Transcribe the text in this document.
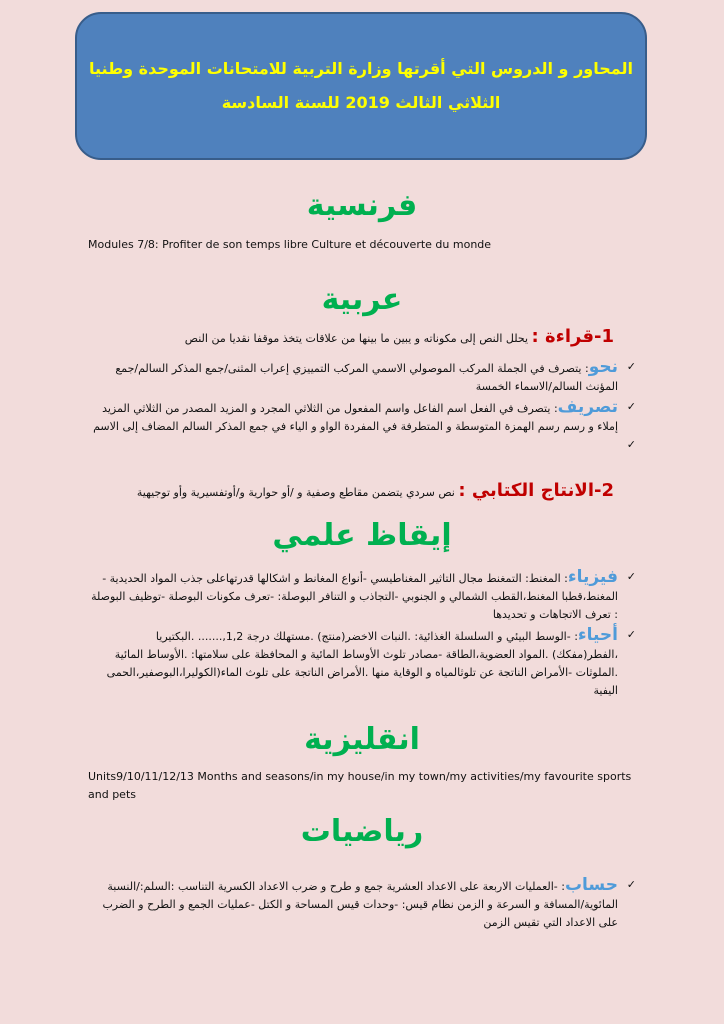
المحاور و الدروس التي أقرتها وزارة التربية للامتحانات الموحدة وطنيا
الثلاثي الثالث 2019 للسنة السادسة
فرنسية
Modules 7/8: Profiter de son temps libre Culture et découverte du monde
عربية
1-قراءة : يحلل النص إلى مكوناته و يبين ما بينها من علاقات يتخذ موقفا نقديا من النص
✓
نحو: يتصرف في الجملة المركب الموصولي الاسمي المركب التمييزي إعراب المثنى/جمع المذكر السالم/جمع المؤنث السالم/الاسماء الخمسة
✓
تصريف: يتصرف في الفعل اسم الفاعل واسم المفعول من الثلاثي المجرد و المزيد المصدر من الثلاثي المزيد إملاء و رسم رسم الهمزة المتوسطة و المتطرفة في المفردة الواو و الياء في جمع المذكر السالم المضاف إلى الاسم
✓

2-الانتاج الكتابي : نص سردي يتضمن مقاطع وصفية و /أو حوارية و/أوتفسيرية وأو توجيهية
إيقاظ علمي
✓
فيزياء: المغنط: التمغنط مجال التاثير المغناطيسي -أنواع المغانط و اشكالها قدرتهاعلى جذب المواد الحديدية - المغنط،قطبا المغنط،القطب الشمالي و الجنوبي -التجاذب و التنافر البوصلة: -تعرف مكونات البوصلة -توظيف البوصلة : تعرف الاتجاهات و تحديدها
✓
أحياء: -الوسط البيئي و السلسلة الغذائية: .النبات الاخضر(منتج) .مستهلك درجة 1,2,....... .البكتيريا ،الفطر(مفكك) .المواد العضوية،الطاقة -مصادر تلوث الأوساط المائية و المحافظة على سلامتها: .الأوساط المائية .الملوثات -الأمراض الناتجة عن تلوثالمياه و الوقاية منها .الأمراض الناتجة على تلوث الماء(الكوليرا،البوصفير،الحمى اليفية
انقليزية
Units9/10/11/12/13 Months and seasons/in my house/in my town/my activities/my favourite sports and pets
رياضيات
✓
حساب: -العمليات الاربعة على الاعداد العشرية جمع و طرح و ضرب الاعداد الكسرية التناسب :السلم:/النسبة المائوية/المسافة و السرعة و الزمن نظام قيس: -وحدات قيس المساحة و الكتل -عمليات الجمع و الطرح و الضرب على الاعداد التي تقيس الزمن
